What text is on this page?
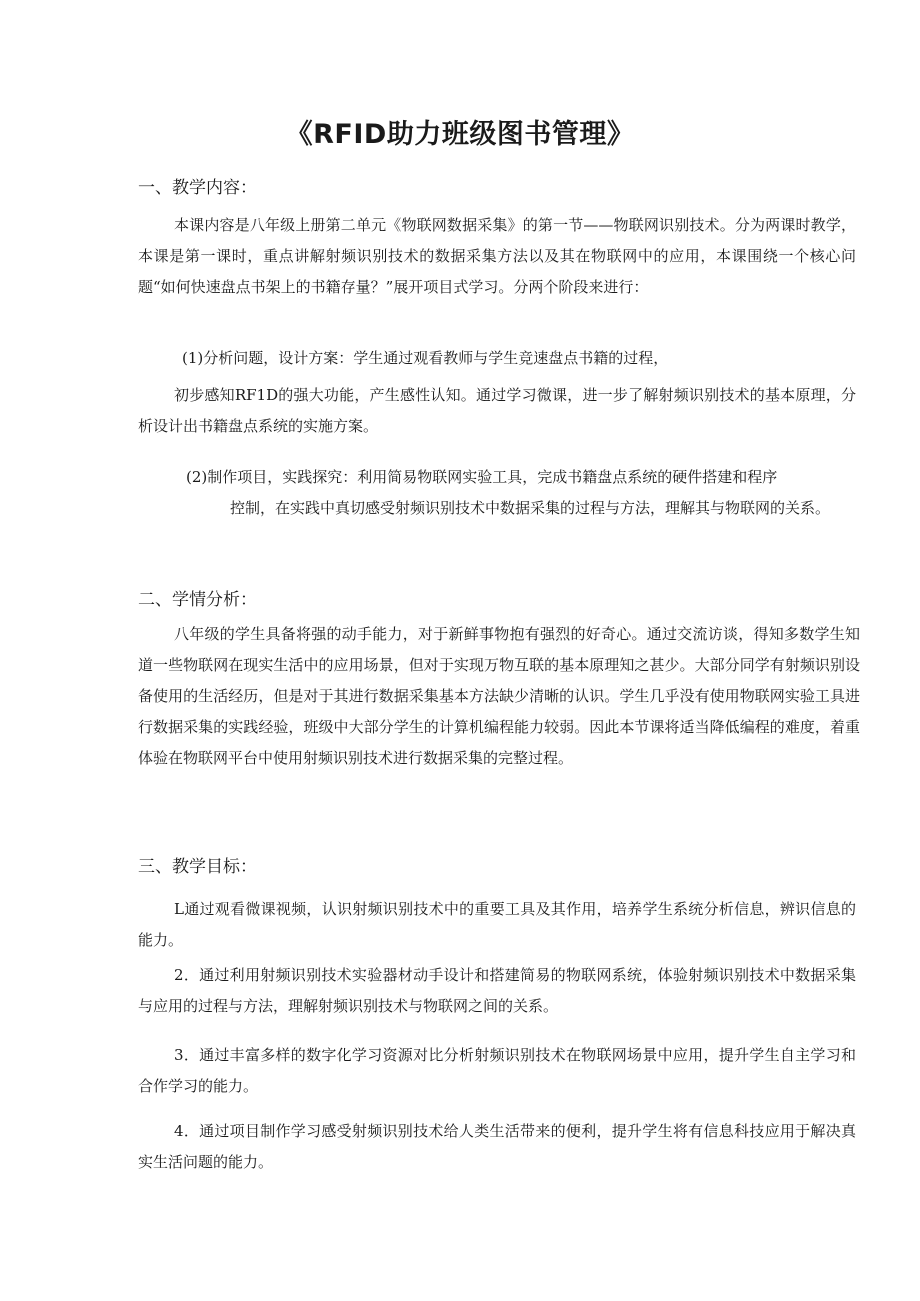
《RFID助力班级图书管理》
一、教学内容：

本课内容是八年级上册第二单元《物联网数据采集》的第一节——物联网识别技术。分为两课时教学，本课是第一课时，重点讲解射频识别技术的数据采集方法以及其在物联网中的应用，本课围绕一个核心问题“如何快速盘点书架上的书籍存量？”展开项目式学习。分两个阶段来进行：

(1)分析问题，设计方案：学生通过观看教师与学生竞速盘点书籍的过程，

初步感知RF1D的强大功能，产生感性认知。通过学习微课，进一步了解射频识别技术的基本原理，分析设计出书籍盘点系统的实施方案。

(2)制作项目，实践探究：利用简易物联网实验工具，完成书籍盘点系统的硬件搭建和程序

控制，在实践中真切感受射频识别技术中数据采集的过程与方法，理解其与物联网的关系。

二、学情分析：

八年级的学生具备将强的动手能力，对于新鲜事物抱有强烈的好奇心。通过交流访谈，得知多数学生知道一些物联网在现实生活中的应用场景，但对于实现万物互联的基本原理知之甚少。大部分同学有射频识别设备使用的生活经历，但是对于其进行数据采集基本方法缺少清晰的认识。学生几乎没有使用物联网实验工具进行数据采集的实践经验，班级中大部分学生的计算机编程能力较弱。因此本节课将适当降低编程的难度，着重体验在物联网平台中使用射频识别技术进行数据采集的完整过程。

三、教学目标：

L通过观看微课视频，认识射频识别技术中的重要工具及其作用，培养学生系统分析信息，辨识信息的能力。

2．通过利用射频识别技术实验器材动手设计和搭建简易的物联网系统，体验射频识别技术中数据采集与应用的过程与方法，理解射频识别技术与物联网之间的关系。

3．通过丰富多样的数字化学习资源对比分析射频识别技术在物联网场景中应用，提升学生自主学习和合作学习的能力。

4．通过项目制作学习感受射频识别技术给人类生活带来的便利，提升学生将有信息科技应用于解决真实生活问题的能力。
